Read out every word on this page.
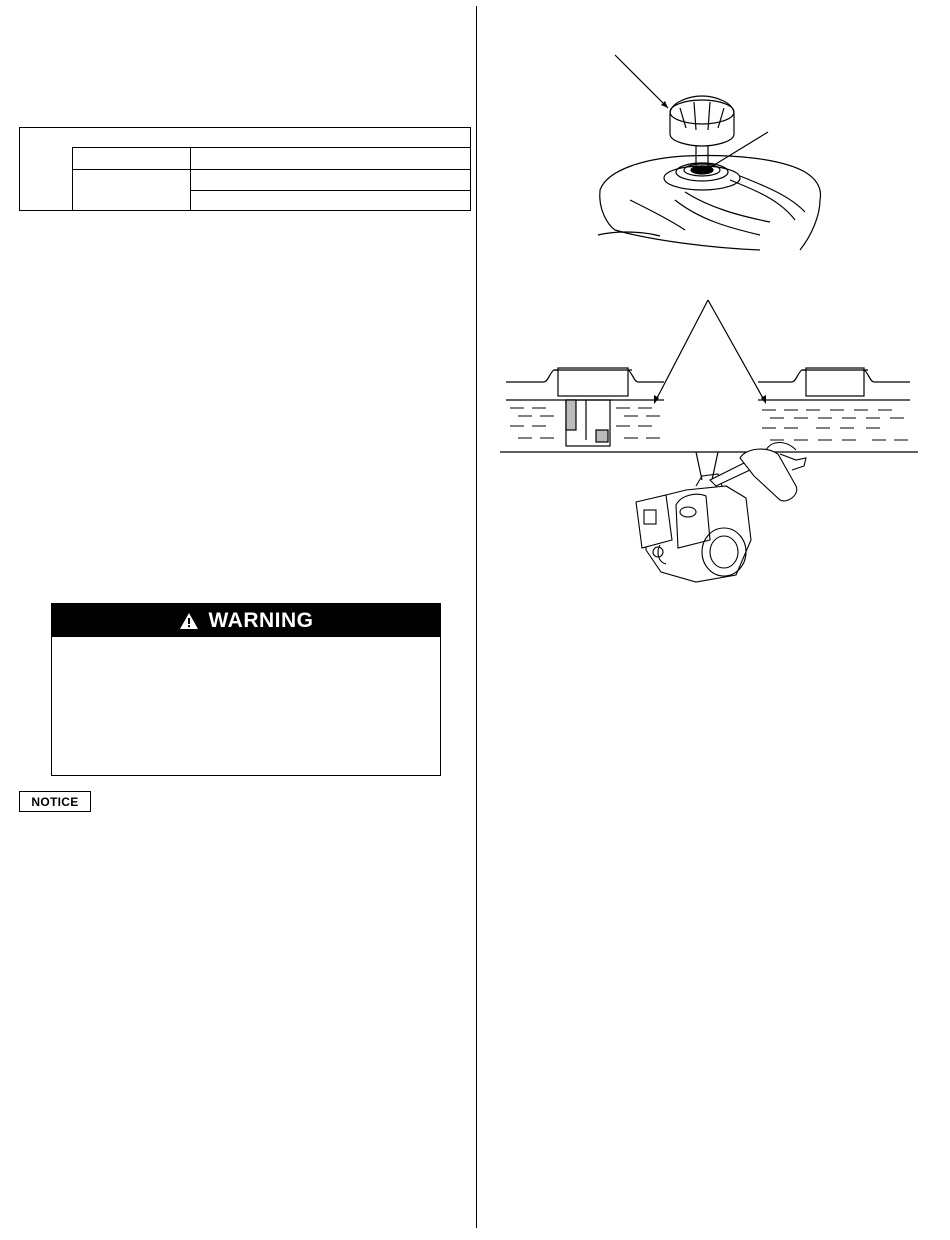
WARNING
NOTICE
